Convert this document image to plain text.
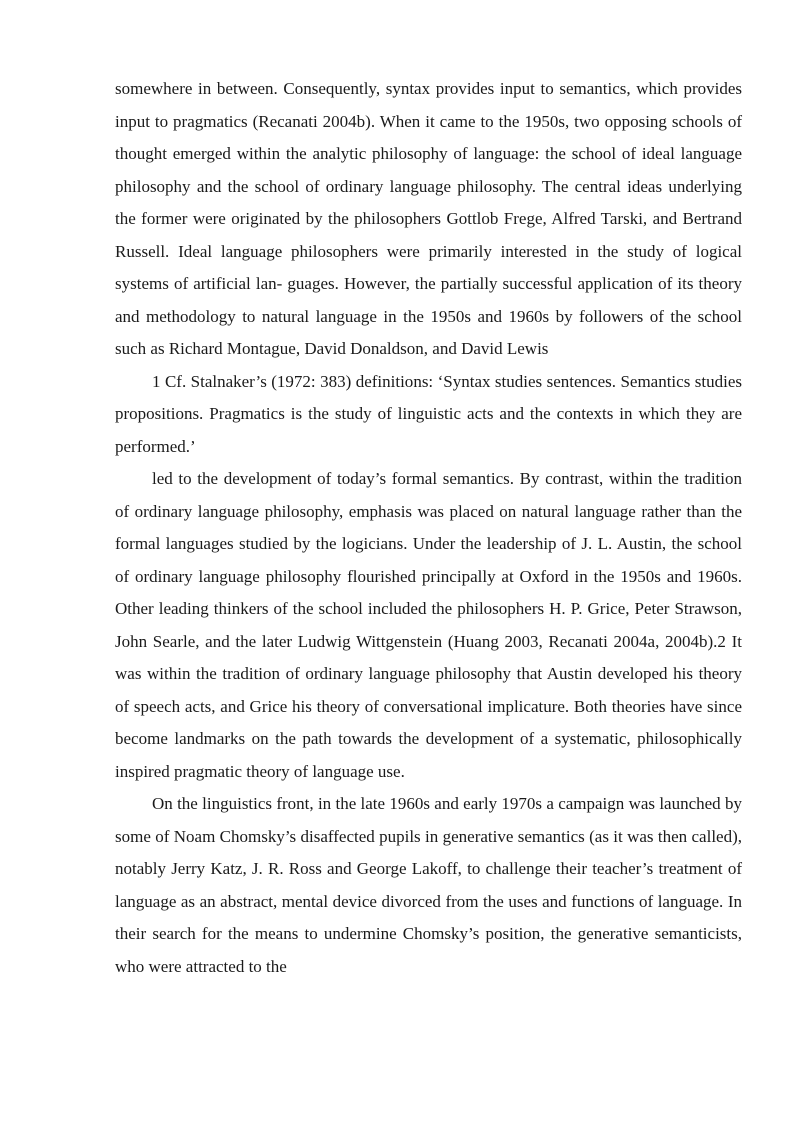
somewhere in between. Consequently, syntax provides input to semantics, which provides input to pragmatics (Recanati 2004b). When it came to the 1950s, two opposing schools of thought emerged within the analytic philosophy of language: the school of ideal language philosophy and the school of ordinary language philosophy. The central ideas underlying the former were originated by the philosophers Gottlob Frege, Alfred Tarski, and Bertrand Russell. Ideal language philosophers were primarily interested in the study of logical systems of artificial lan- guages. However, the partially successful application of its theory and methodology to natural language in the 1950s and 1960s by followers of the school such as Richard Montague, David Donaldson, and David Lewis

1 Cf. Stalnaker’s (1972: 383) definitions: ‘Syntax studies sentences. Semantics studies propositions. Pragmatics is the study of linguistic acts and the contexts in which they are performed.’

led to the development of today’s formal semantics. By contrast, within the tradition of ordinary language philosophy, emphasis was placed on natural language rather than the formal languages studied by the logicians. Under the leadership of J. L. Austin, the school of ordinary language philosophy flourished principally at Oxford in the 1950s and 1960s. Other leading thinkers of the school included the philosophers H. P. Grice, Peter Strawson, John Searle, and the later Ludwig Wittgenstein (Huang 2003, Recanati 2004a, 2004b).2 It was within the tradition of ordinary language philosophy that Austin developed his theory of speech acts, and Grice his theory of conversational implicature. Both theories have since become landmarks on the path towards the development of a systematic, philosophically inspired pragmatic theory of language use.

On the linguistics front, in the late 1960s and early 1970s a campaign was launched by some of Noam Chomsky’s disaffected pupils in generative semantics (as it was then called), notably Jerry Katz, J. R. Ross and George Lakoff, to challenge their teacher’s treatment of language as an abstract, mental device divorced from the uses and functions of language. In their search for the means to undermine Chomsky’s position, the generative semanticists, who were attracted to the
